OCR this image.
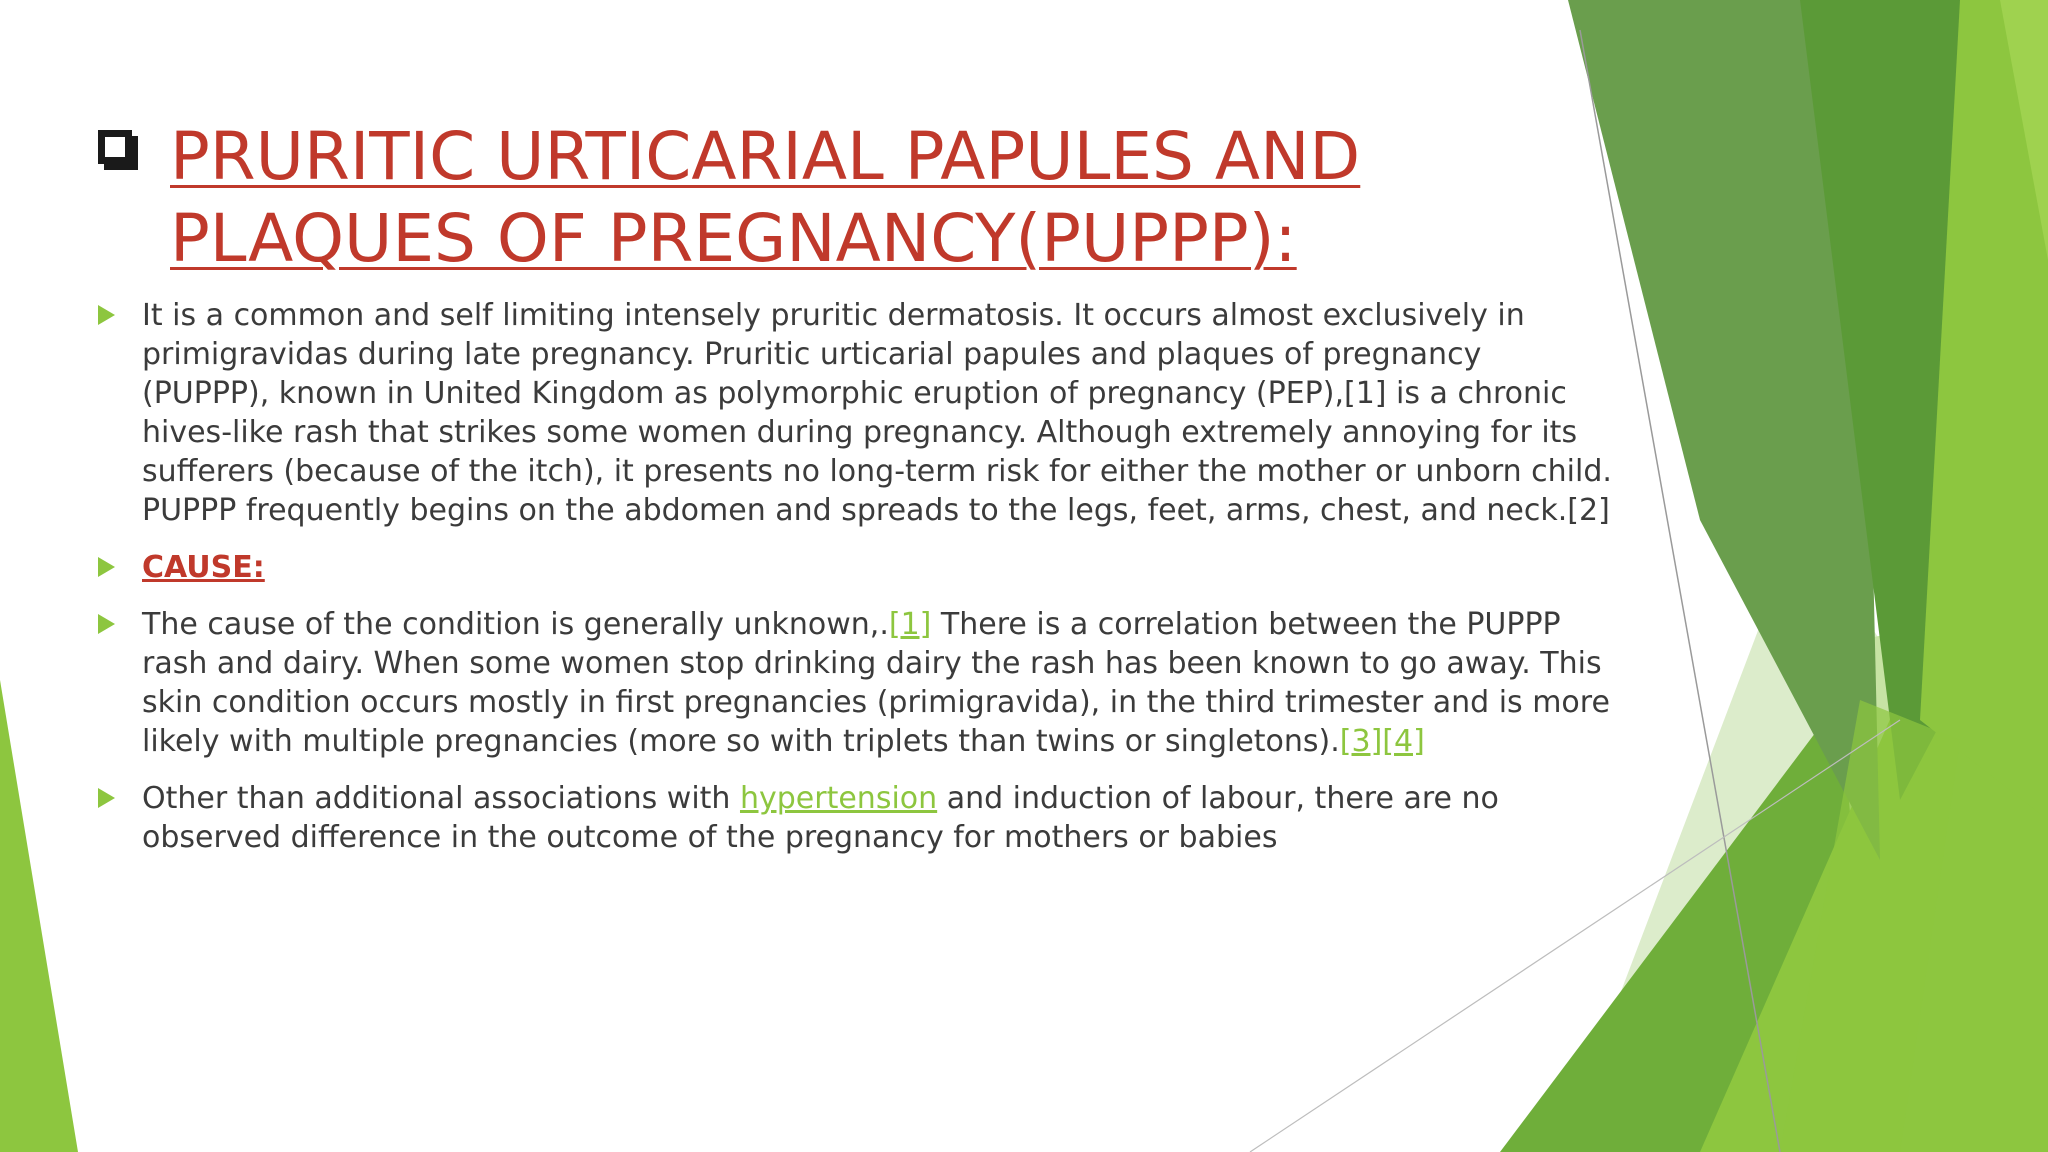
PRURITIC URTICARIAL PAPULES AND PLAQUES OF PREGNANCY(PUPPP):
It is a common and self limiting intensely pruritic dermatosis. It occurs almost exclusively in primigravidas during late pregnancy. Pruritic urticarial papules and plaques of pregnancy (PUPPP), known in United Kingdom as polymorphic eruption of pregnancy (PEP),[1] is a chronic hives-like rash that strikes some women during pregnancy. Although extremely annoying for its sufferers (because of the itch), it presents no long-term risk for either the mother or unborn child. PUPPP frequently begins on the abdomen and spreads to the legs, feet, arms, chest, and neck.[2]
CAUSE:
The cause of the condition is generally unknown,.[1] There is a correlation between the PUPPP rash and dairy. When some women stop drinking dairy the rash has been known to go away. This skin condition occurs mostly in first pregnancies (primigravida), in the third trimester and is more likely with multiple pregnancies (more so with triplets than twins or singletons).[3][4]
Other than additional associations with hypertension and induction of labour, there are no observed difference in the outcome of the pregnancy for mothers or babies
